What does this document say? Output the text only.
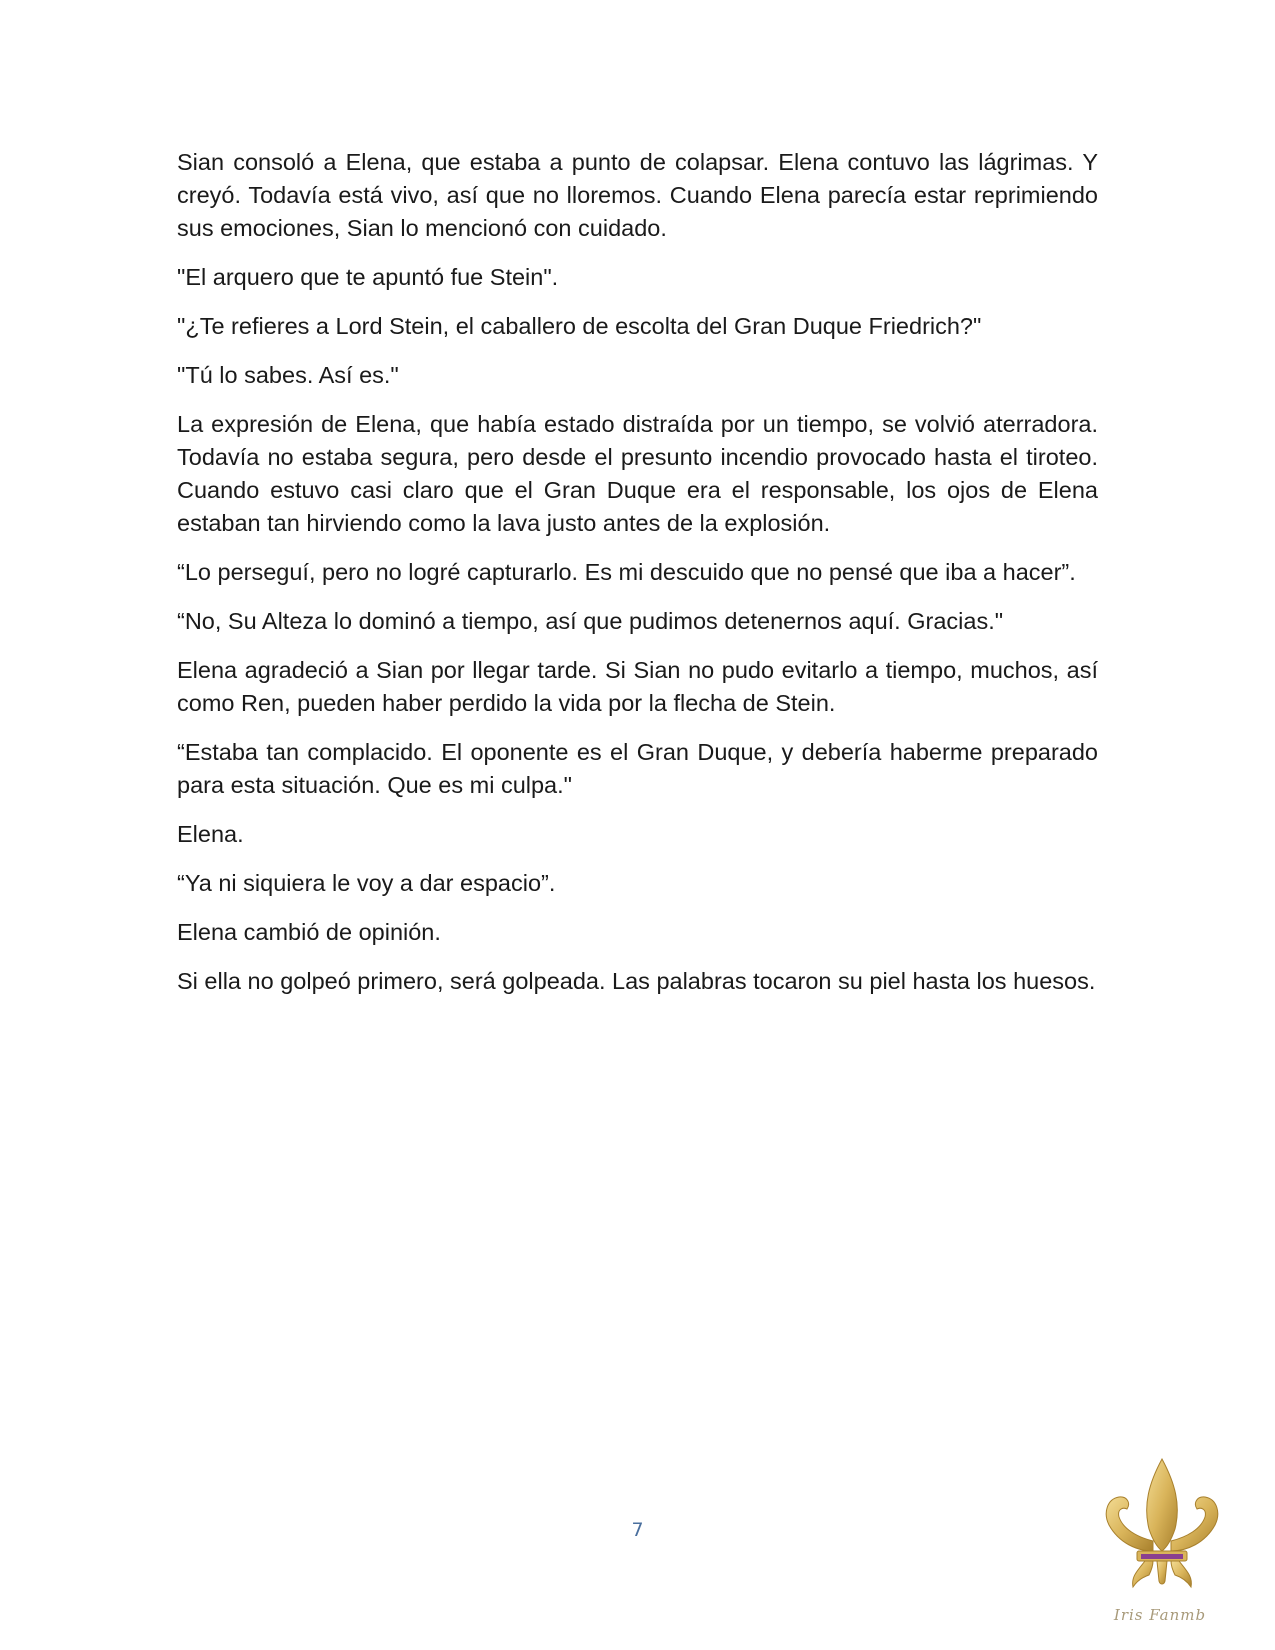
Sian consoló a Elena, que estaba a punto de colapsar. Elena contuvo las lágrimas. Y creyó. Todavía está vivo, así que no lloremos. Cuando Elena parecía estar reprimiendo sus emociones, Sian lo mencionó con cuidado.

"El arquero que te apuntó fue Stein".

"¿Te refieres a Lord Stein, el caballero de escolta del Gran Duque Friedrich?"

"Tú lo sabes. Así es."

La expresión de Elena, que había estado distraída por un tiempo, se volvió aterradora. Todavía no estaba segura, pero desde el presunto incendio provocado hasta el tiroteo. Cuando estuvo casi claro que el Gran Duque era el responsable, los ojos de Elena estaban tan hirviendo como la lava justo antes de la explosión.

“Lo perseguí, pero no logré capturarlo. Es mi descuido que no pensé que iba a hacer”.

“No, Su Alteza lo dominó a tiempo, así que pudimos detenernos aquí. Gracias."

Elena agradeció a Sian por llegar tarde. Si Sian no pudo evitarlo a tiempo, muchos, así como Ren, pueden haber perdido la vida por la flecha de Stein.

“Estaba tan complacido. El oponente es el Gran Duque, y debería haberme preparado para esta situación. Que es mi culpa."

Elena.

“Ya ni siquiera le voy a dar espacio”.

Elena cambió de opinión.

Si ella no golpeó primero, será golpeada. Las palabras tocaron su piel hasta los huesos.

7
Iris Fanmb
